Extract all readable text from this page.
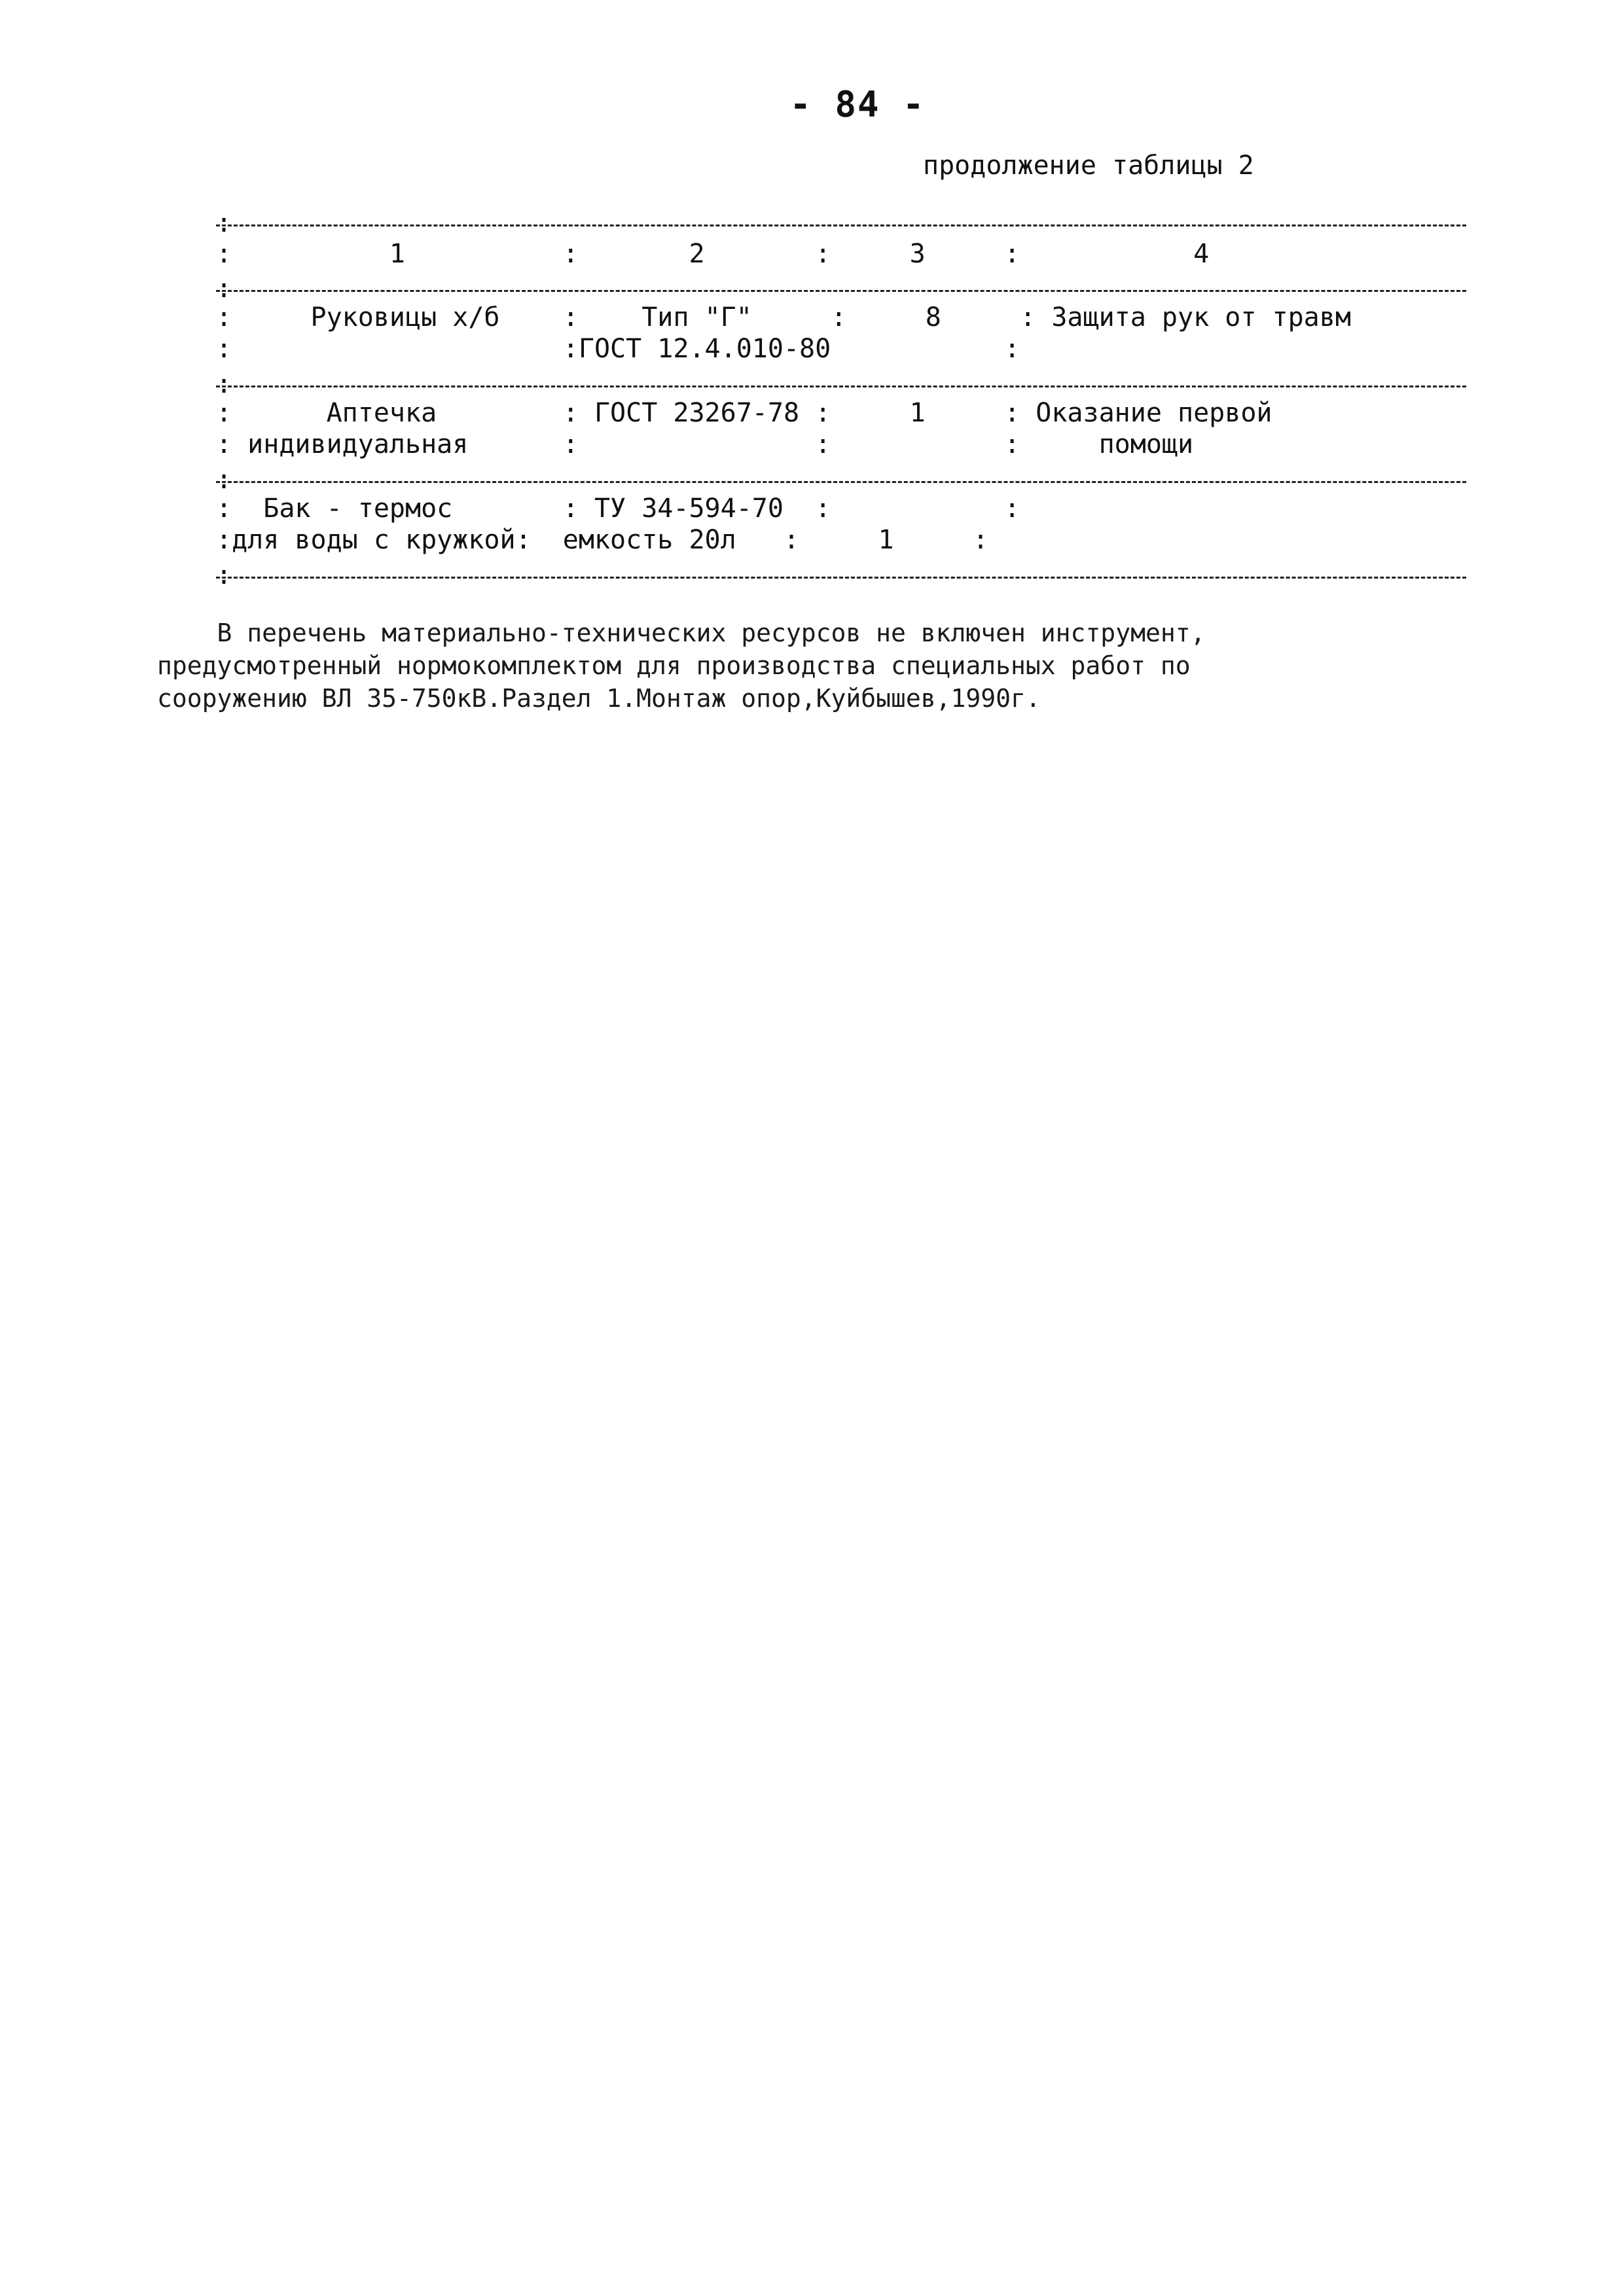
- 84 -
продолжение таблицы 2
:
:          1          :       2       :     3     :           4
:
:     Руковицы х/б    :    Тип "Г"     :     8     : Защита рук от травм
:                     :ГОСТ 12.4.010-80           :
:
:      Аптечка        : ГОСТ 23267-78 :     1     : Оказание первой
: индивидуальная      :               :           :     помощи
:
:  Бак - термос       : ТУ 34-594-70  :           :
:для воды с кружкой:  емкость 20л   :     1     :
:
В перечень материально-технических ресурсов не включен инструмент,
предусмотренный нормокомплектом для производства специальных работ по
сооружению ВЛ 35-750кВ.Раздел 1.Монтаж опор,Куйбышев,1990г.
